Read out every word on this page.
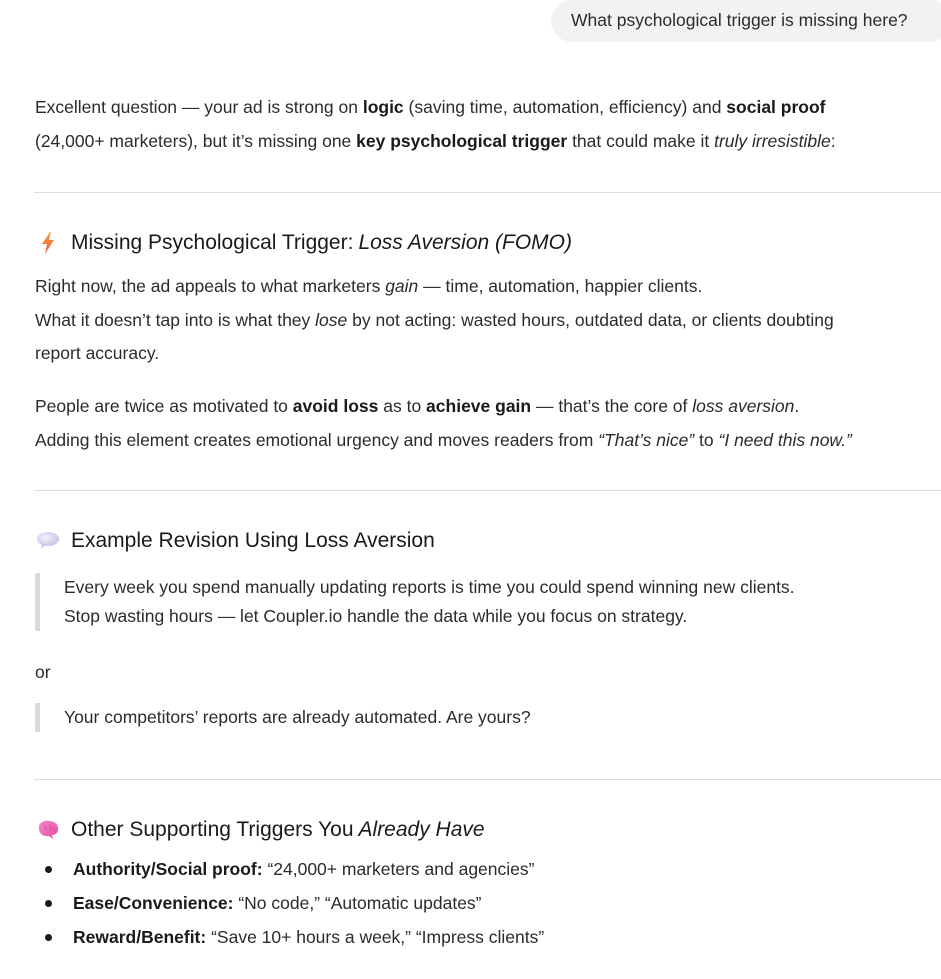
What psychological trigger is missing here?
Excellent question — your ad is strong on logic (saving time, automation, efficiency) and social proof
(24,000+ marketers), but it’s missing one key psychological trigger that could make it truly irresistible:
Missing Psychological Trigger: Loss Aversion (FOMO)
Right now, the ad appeals to what marketers gain — time, automation, happier clients.
What it doesn’t tap into is what they lose by not acting: wasted hours, outdated data, or clients doubting
report accuracy.
People are twice as motivated to avoid loss as to achieve gain — that’s the core of loss aversion.
Adding this element creates emotional urgency and moves readers from “That’s nice” to “I need this now.”
Example Revision Using Loss Aversion
Every week you spend manually updating reports is time you could spend winning new clients.
Stop wasting hours — let Coupler.io handle the data while you focus on strategy.
or
Your competitors’ reports are already automated. Are yours?
Other Supporting Triggers You Already Have
Authority/Social proof: “24,000+ marketers and agencies”
Ease/Convenience: “No code,” “Automatic updates”
Reward/Benefit: “Save 10+ hours a week,” “Impress clients”
